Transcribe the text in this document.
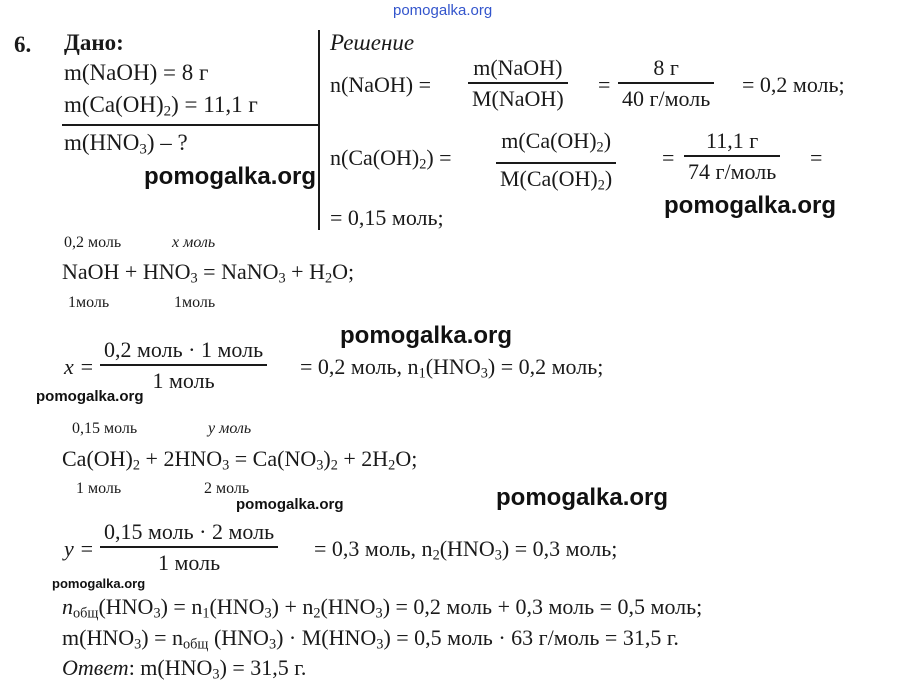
pomogalka.org
6. Дано:
m(NaOH) = 8 г
$m(Ca(OH)_2) = 11,1$ г
$m(HNO_3)$ – ?
Решение
n(NaOH) =
m(NaOH)
M(NaOH)
=
8 г
40 г/моль
= 0,2 моль;
$n(Ca(OH)_2)$ =
$m(Ca(OH)_2)$
$M(Ca(OH)_2)$
=
11,1 г
74 г/моль
=
= 0,15 моль;
0,2 моль	x моль
NaOH + $HNO_3$ = NaNO$_3$ + $H_2O$;
1моль	1моль
x =
0,2 моль · 1 моль
1 моль
= 0,2 моль, $n_1(HNO_3) = 0,2$ моль;
0,15 моль	y моль
$Ca(OH)_2 + 2HNO_3 = Ca(NO_3)_2 + 2H_2O$;
1 моль	2 моль
y =
0,15 моль · 2 моль
1 моль
= 0,3 моль, $n_2(HNO_3) = 0,3$ моль;
$n_{общ}(HNO_3) = n_1(HNO_3) + n_2(HNO_3) = 0,2$ моль + 0,3 моль = 0,5 моль;
$m(HNO_3) = n_{общ}$ $(HNO_3) \cdot M(HNO_3) = 0,5$ моль · 63 г/моль = 31,5 г.
Ответ: $m(HNO_3) = 31,5$ г.
pomogalka.org
pomogalka.org
pomogalka.org
pomogalka.org
pomogalka.org
pomogalka.org
pomogalka.org
